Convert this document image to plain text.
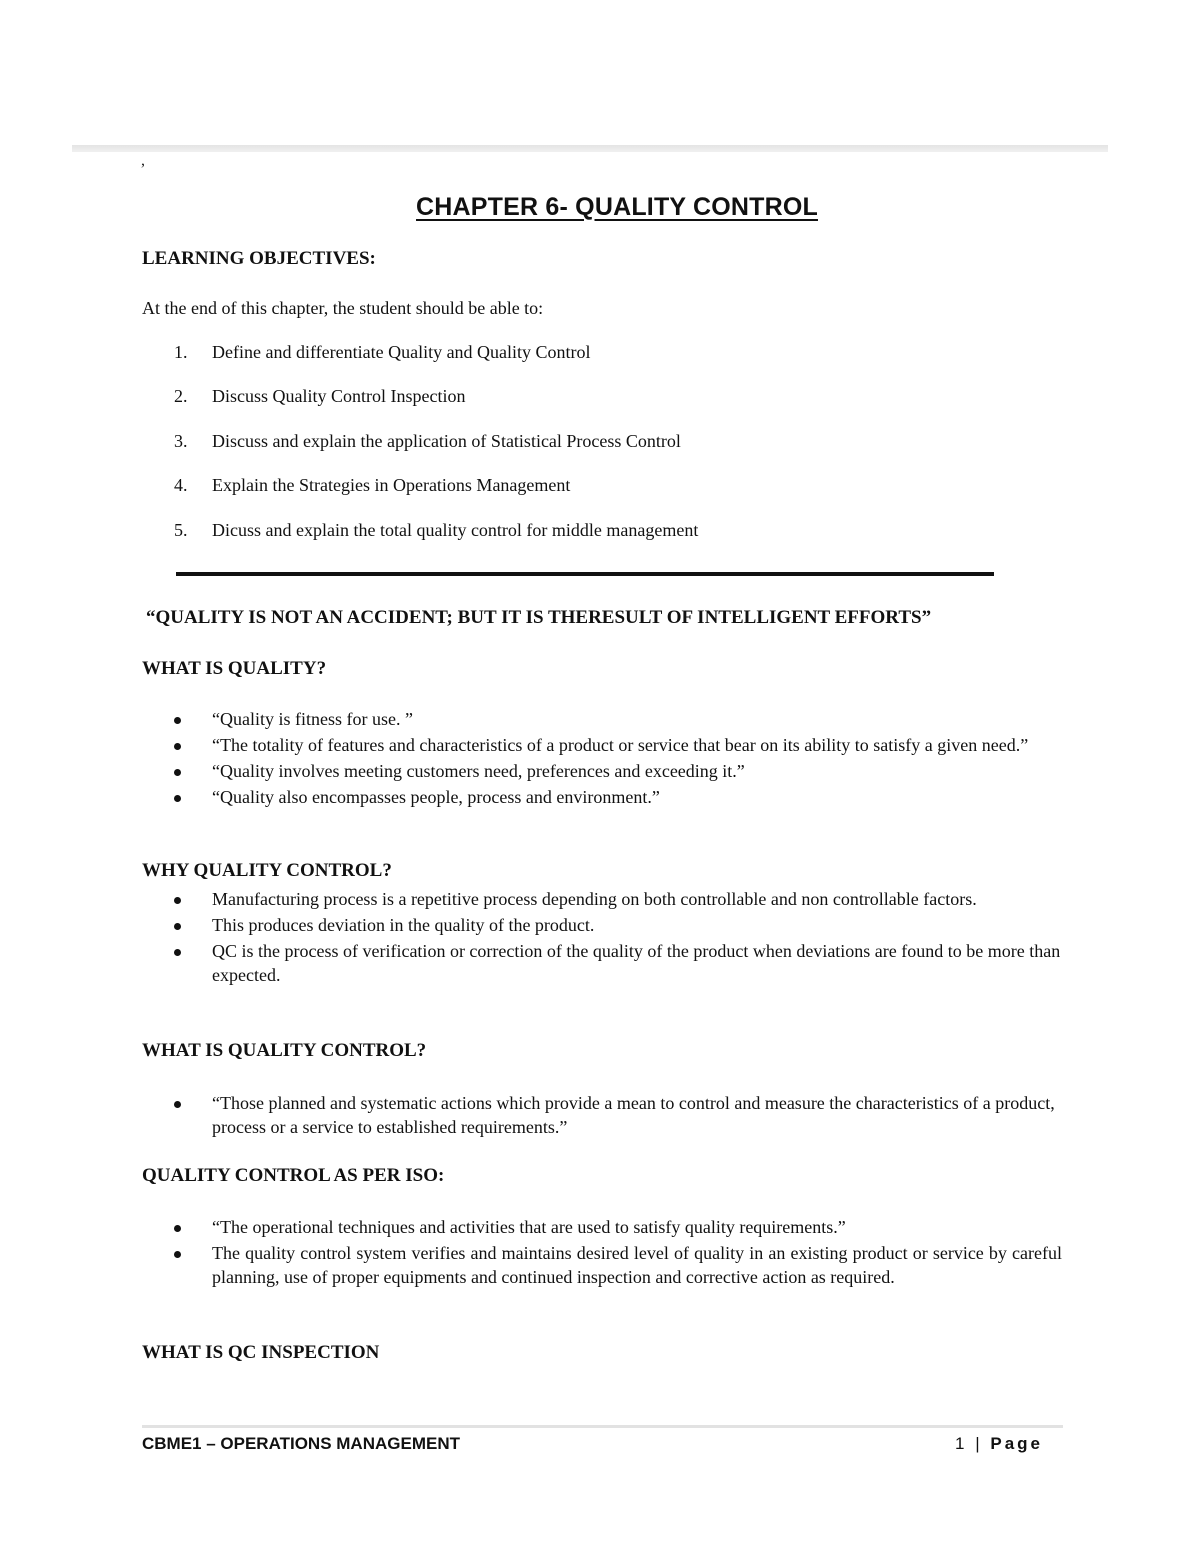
,
CHAPTER 6- QUALITY CONTROL
LEARNING OBJECTIVES:
At the end of this chapter, the student should be able to:
1. Define and differentiate Quality and Quality Control
2. Discuss Quality Control Inspection
3. Discuss and explain the application of Statistical Process Control
4. Explain the Strategies in Operations Management
5. Dicuss and explain the total quality control for middle management
“QUALITY IS NOT AN ACCIDENT; BUT IT IS THERESULT OF INTELLIGENT EFFORTS”
WHAT IS QUALITY?
“Quality is fitness for use. ”
“The totality of features and characteristics of a product or service that bear on its ability to satisfy a given need.”
“Quality involves meeting customers need, preferences and exceeding it.”
“Quality also encompasses people, process and environment.”
WHY QUALITY CONTROL?
Manufacturing process is a repetitive process depending on both controllable and non controllable factors.
This produces deviation in the quality of the product.
QC is the process of verification or correction of the quality of the product when deviations are found to be more than expected.
WHAT IS QUALITY CONTROL?
“Those planned and systematic actions which provide a mean to control and measure the characteristics of a product, process or a service to established requirements.”
QUALITY CONTROL AS PER ISO:
“The operational techniques and activities that are used to satisfy quality requirements.”
The quality control system verifies and maintains desired level of quality in an existing product or service by careful planning, use of proper equipments and continued inspection and corrective action as required.
WHAT IS QC INSPECTION
CBME1 – OPERATIONS MANAGEMENT	1 | Page
